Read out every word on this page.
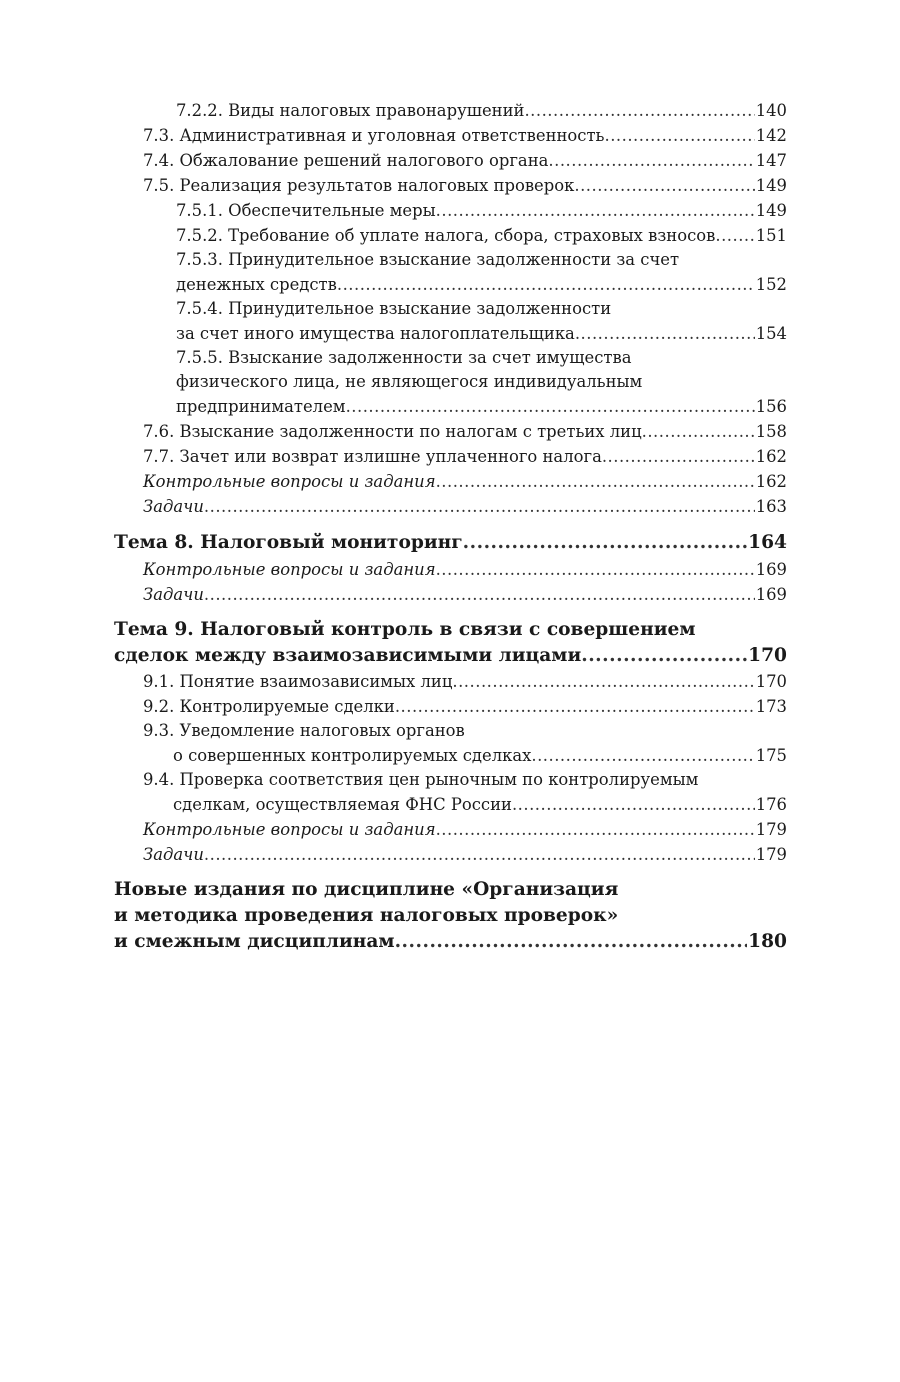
7.2.2. Виды налоговых правонарушений .....	140
7.3. Административная и уголовная ответственность .....	142
7.4. Обжалование решений налогового органа .....	147
7.5. Реализация результатов налоговых проверок .....	149
7.5.1. Обеспечительные меры .....	149
7.5.2. Требование об уплате налога, сбора, страховых взносов ..... 151
7.5.3. Принудительное взыскание задолженности за счет
денежных средств .....	152
7.5.4. Принудительное взыскание задолженности
за счет иного имущества налогоплательщика .....	154
7.5.5. Взыскание задолженности за счет имущества
физического лица, не являющегося индивидуальным
предпринимателем .....	156
7.6. Взыскание задолженности по налогам с третьих лиц .....	158
7.7. Зачет или возврат излишне уплаченного налога .....	162
Контрольные вопросы и задания .....	162
Задачи .....	163
Тема 8. Налоговый мониторинг .....	164
Контрольные вопросы и задания .....	169
Задачи .....	169
Тема 9. Налоговый контроль в связи с совершением
сделок между взаимозависимыми лицами .....	170
9.1. Понятие взаимозависимых лиц .....	170
9.2. Контролируемые сделки .....	173
9.3. Уведомление налоговых органов
о совершенных контролируемых сделках .....	175
9.4. Проверка соответствия цен рыночным по контролируемым
сделкам, осуществляемая ФНС России .....	176
Контрольные вопросы и задания .....	179
Задачи .....	179
Новые издания по дисциплине «Организация
и методика проведения налоговых проверок»
и смежным дисциплинам .....	180
